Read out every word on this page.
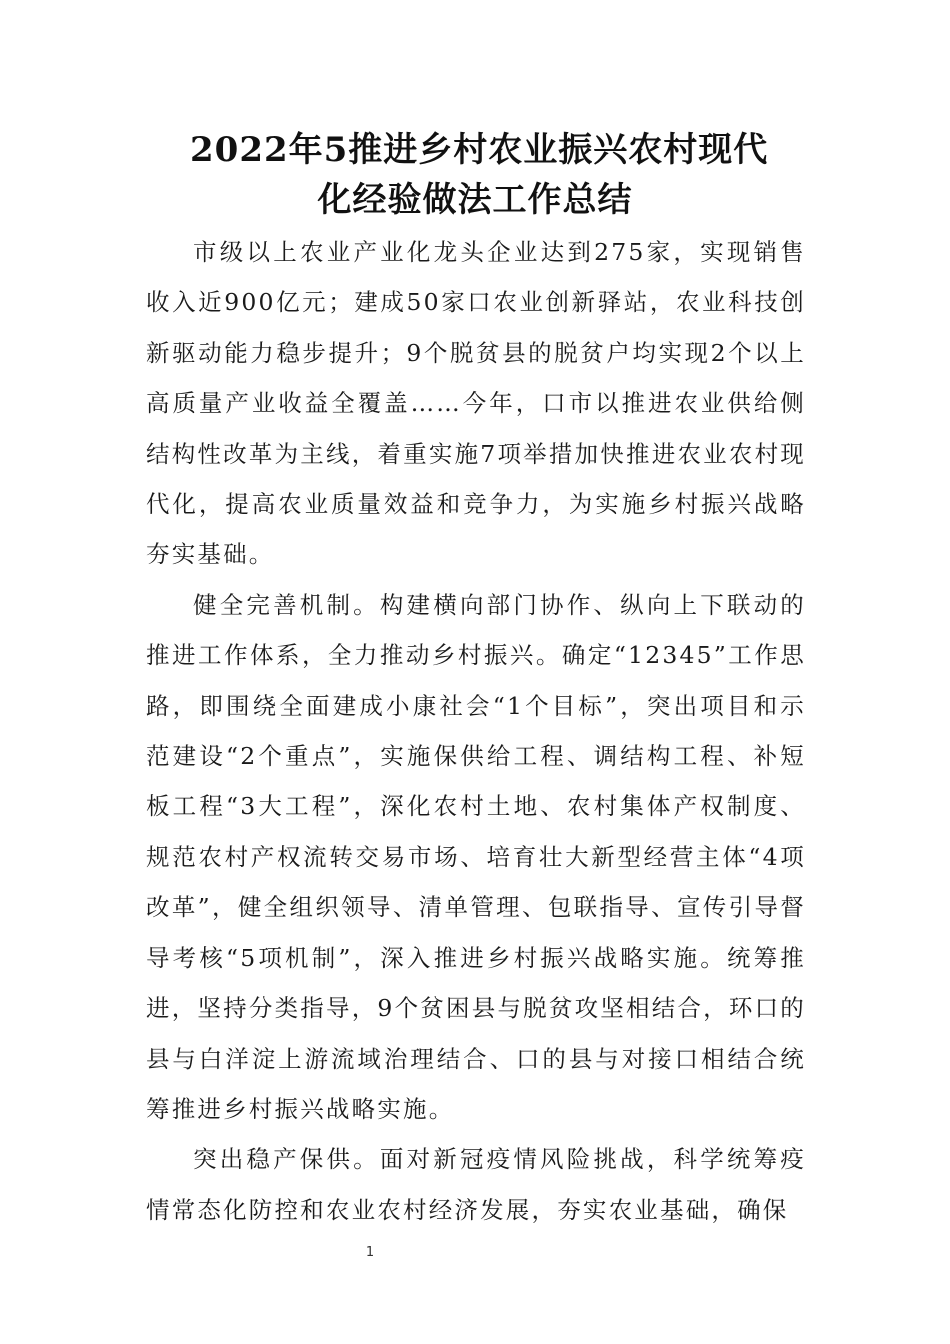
2022年5推进乡村农业振兴农村现代
化经验做法工作总结

市级以上农业产业化龙头企业达到275家，实现销售收入近900亿元；建成50家口农业创新驿站，农业科技创新驱动能力稳步提升；9个脱贫县的脱贫户均实现2个以上高质量产业收益全覆盖……今年，口市以推进农业供给侧结构性改革为主线，着重实施7项举措加快推进农业农村现代化，提高农业质量效益和竞争力，为实施乡村振兴战略夯实基础。

健全完善机制。构建横向部门协作、纵向上下联动的推进工作体系，全力推动乡村振兴。确定“12345”工作思路，即围绕全面建成小康社会“1个目标”，突出项目和示范建设“2个重点”，实施保供给工程、调结构工程、补短板工程“3大工程”，深化农村土地、农村集体产权制度、规范农村产权流转交易市场、培育壮大新型经营主体“4项改革”，健全组织领导、清单管理、包联指导、宣传引导督导考核“5项机制”，深入推进乡村振兴战略实施。统筹推进，坚持分类指导，9个贫困县与脱贫攻坚相结合，环口的县与白洋淀上游流域治理结合、口的县与对接口相结合统筹推进乡村振兴战略实施。

突出稳产保供。面对新冠疫情风险挑战，科学统筹疫情常态化防控和农业农村经济发展，夯实农业基础，确保

1
